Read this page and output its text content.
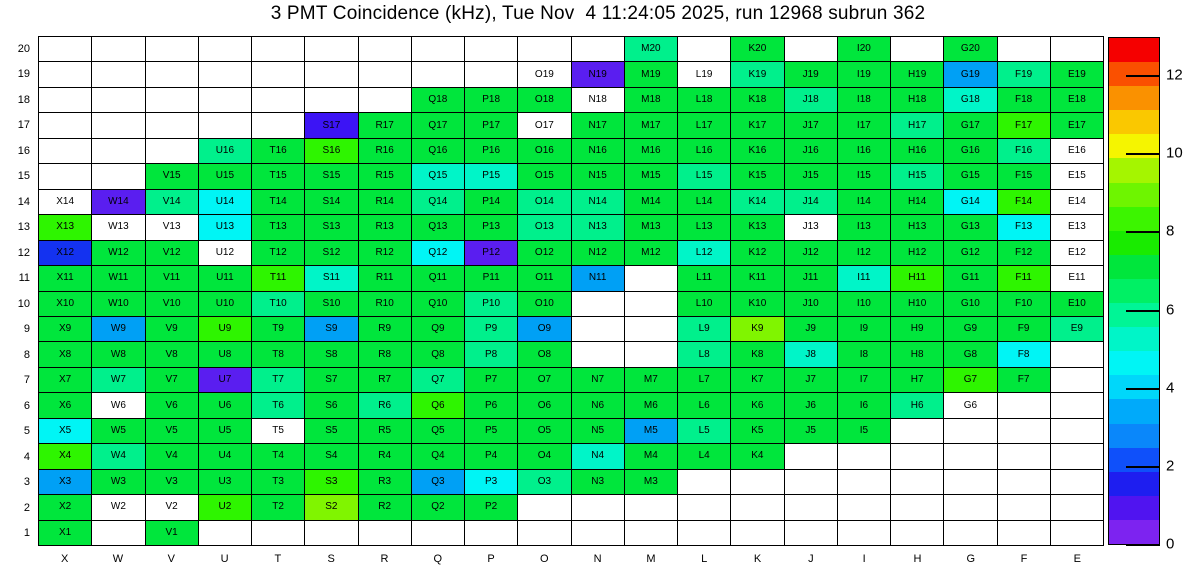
3 PMT Coincidence (kHz), Tue Nov  4 11:24:05 2025, run 12968 subrun 362
20
19
18
17
16
15
14
13
12
11
10
9
8
7
6
5
4
3
2
1
M20	K20	I20	G20
O19	N19	M19	L19	K19	J19	I19	H19	G19	F19	E19
Q18	P18	O18	N18	M18	L18	K18	J18	I18	H18	G18	F18	E18
S17	R17	Q17	P17	O17	N17	M17	L17	K17	J17	I17	H17	G17	F17	E17
U16	T16	S16	R16	Q16	P16	O16	N16	M16	L16	K16	J16	I16	H16	G16	F16	E16
V15	U15	T15	S15	R15	Q15	P15	O15	N15	M15	L15	K15	J15	I15	H15	G15	F15	E15
X14	W14	V14	U14	T14	S14	R14	Q14	P14	O14	N14	M14	L14	K14	J14	I14	H14	G14	F14	E14
X13	W13	V13	U13	T13	S13	R13	Q13	P13	O13	N13	M13	L13	K13	J13	I13	H13	G13	F13	E13
X12	W12	V12	U12	T12	S12	R12	Q12	P12	O12	N12	M12	L12	K12	J12	I12	H12	G12	F12	E12
X11	W11	V11	U11	T11	S11	R11	Q11	P11	O11	N11	L11	K11	J11	I11	H11	G11	F11	E11
X10	W10	V10	U10	T10	S10	R10	Q10	P10	O10	L10	K10	J10	I10	H10	G10	F10	E10
X9	W9	V9	U9	T9	S9	R9	Q9	P9	O9	L9	K9	J9	I9	H9	G9	F9	E9
X8	W8	V8	U8	T8	S8	R8	Q8	P8	O8	L8	K8	J8	I8	H8	G8	F8
X7	W7	V7	U7	T7	S7	R7	Q7	P7	O7	N7	M7	L7	K7	J7	I7	H7	G7	F7
X6	W6	V6	U6	T6	S6	R6	Q6	P6	O6	N6	M6	L6	K6	J6	I6	H6	G6
X5	W5	V5	U5	T5	S5	R5	Q5	P5	O5	N5	M5	L5	K5	J5	I5
X4	W4	V4	U4	T4	S4	R4	Q4	P4	O4	N4	M4	L4	K4
X3	W3	V3	U3	T3	S3	R3	Q3	P3	O3	N3	M3
X2	W2	V2	U2	T2	S2	R2	Q2	P2
X1	V1
X	W	V	U	T	S	R	Q	P	O	N	M	L	K	J	I	H	G	F	E
0
2
4
6
8
10
12
